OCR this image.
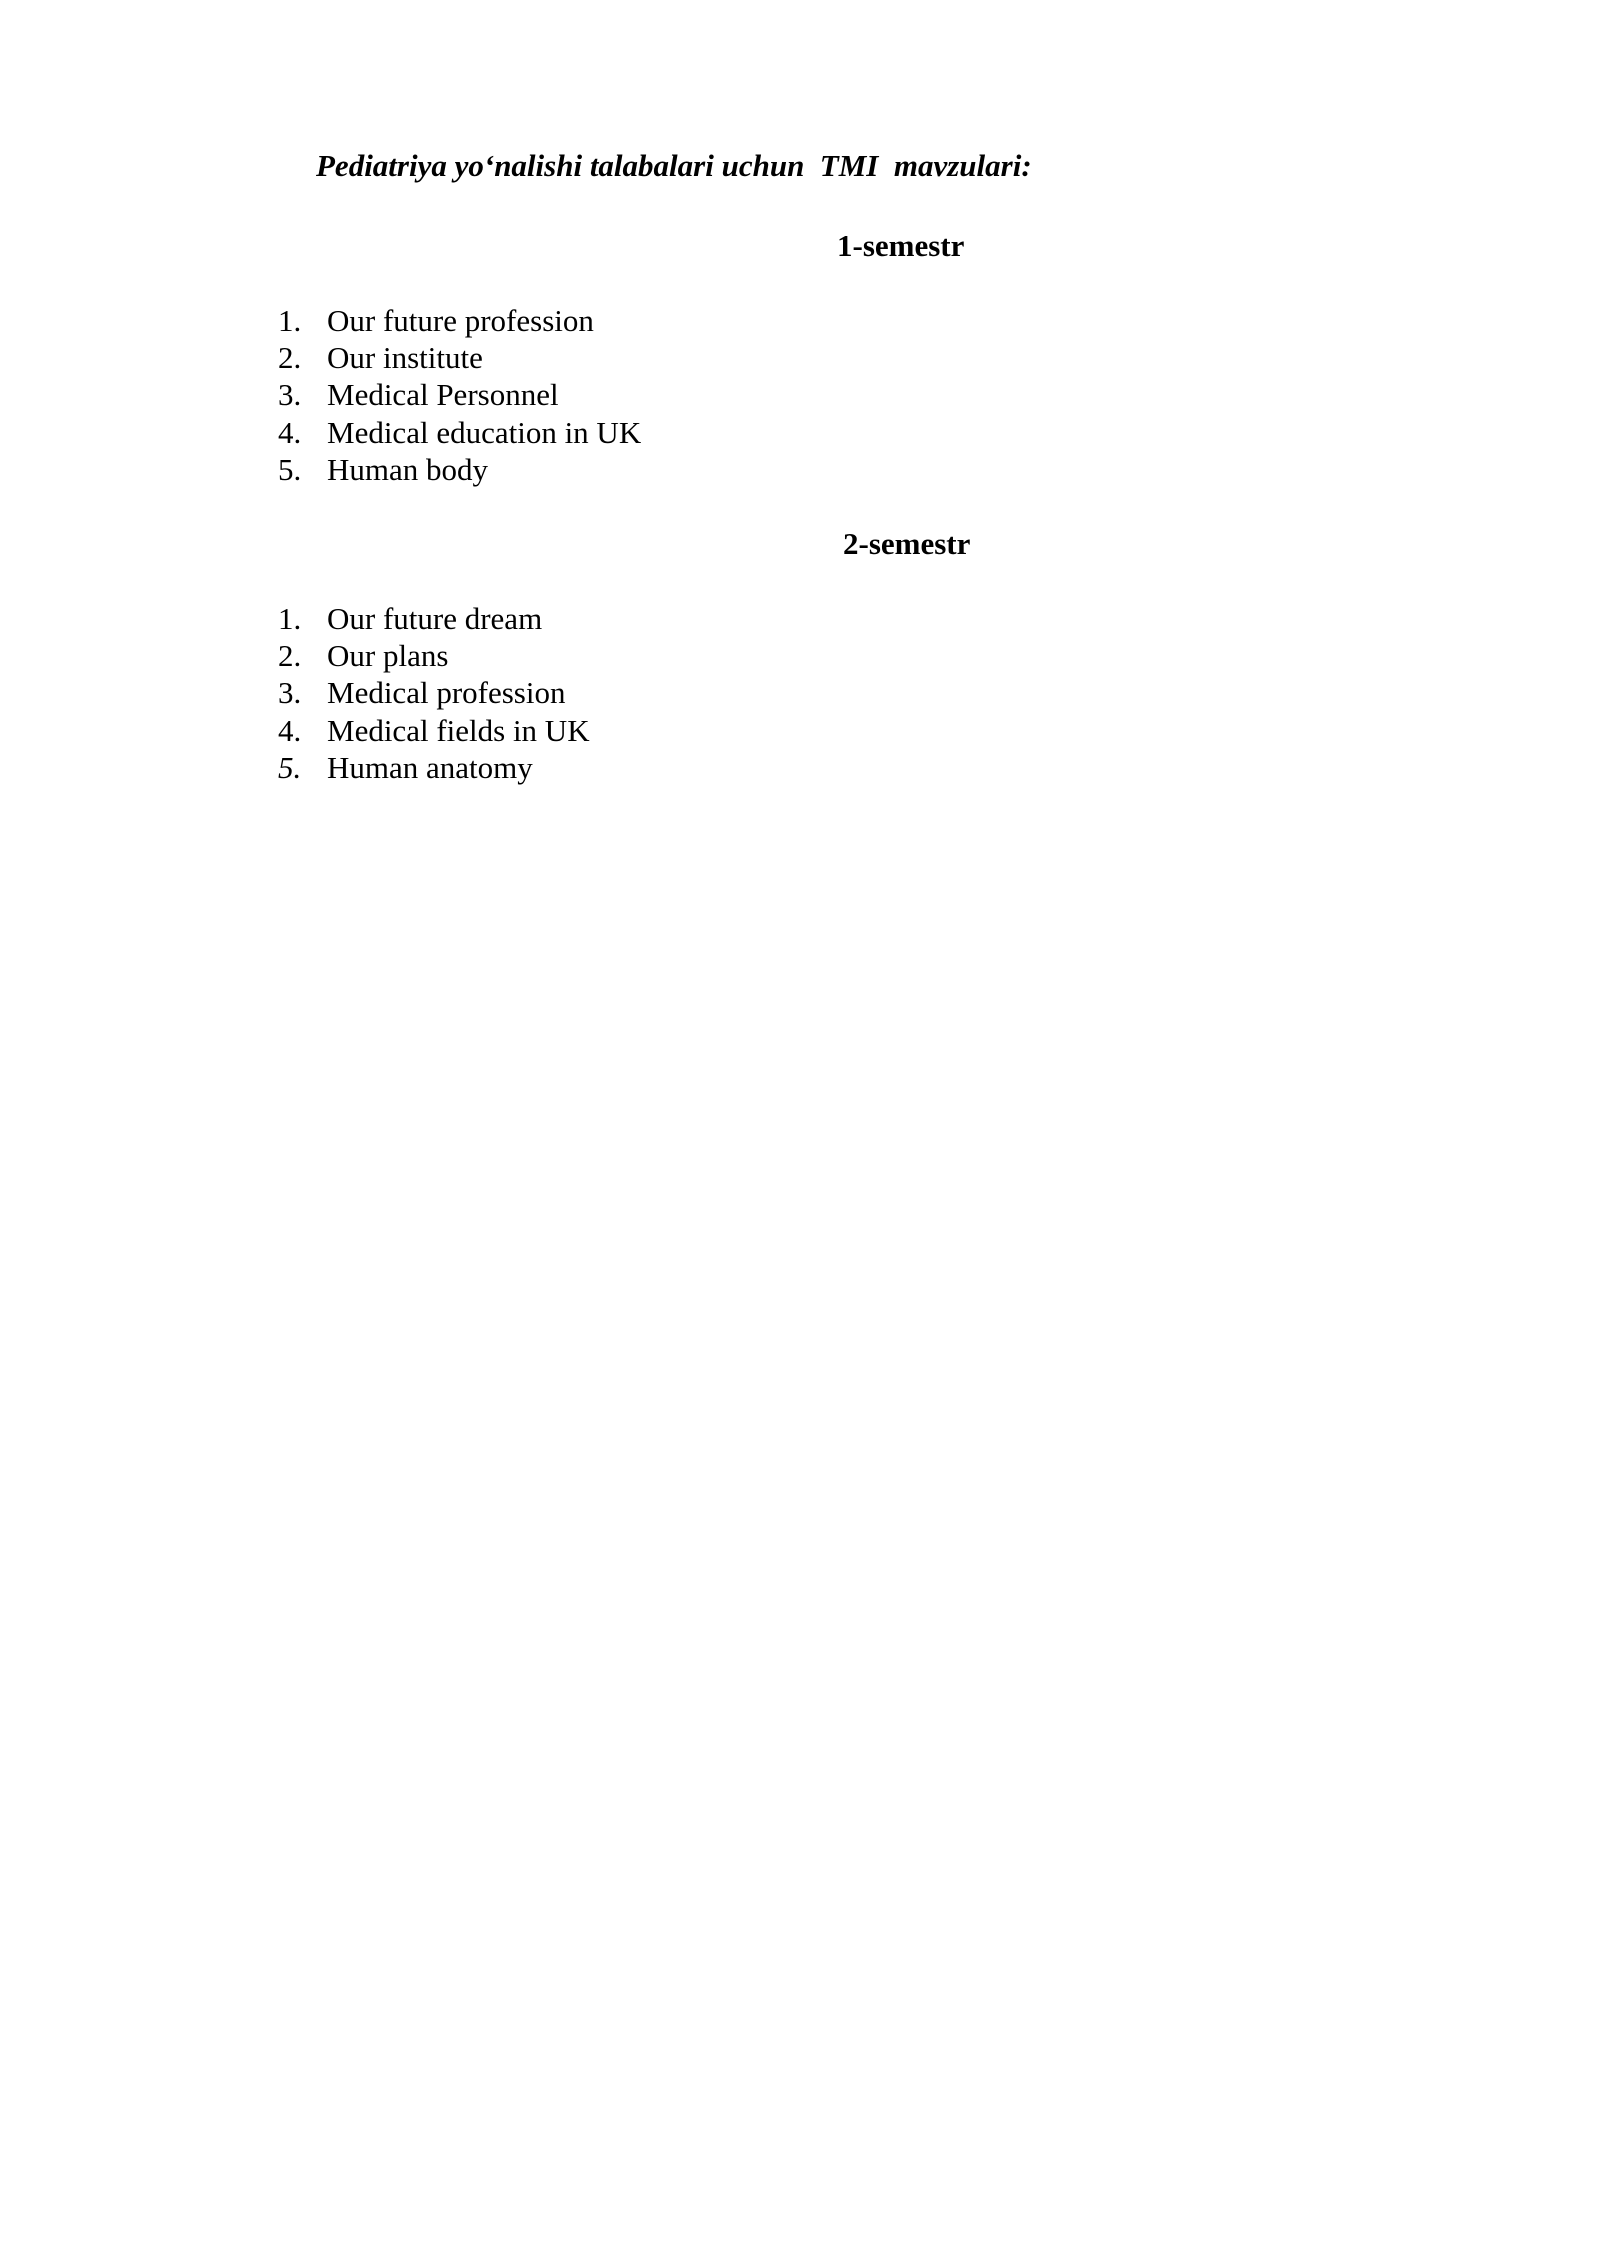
Pediatriya yo‘nalishi talabalari uchun  TMI  mavzulari:
1-semestr
1. Our future profession
2. Our institute
3. Medical Personnel
4. Medical education in UK
5. Human body
2-semestr
1. Our future dream
2. Our plans
3. Medical profession
4. Medical fields in UK
5. Human anatomy
